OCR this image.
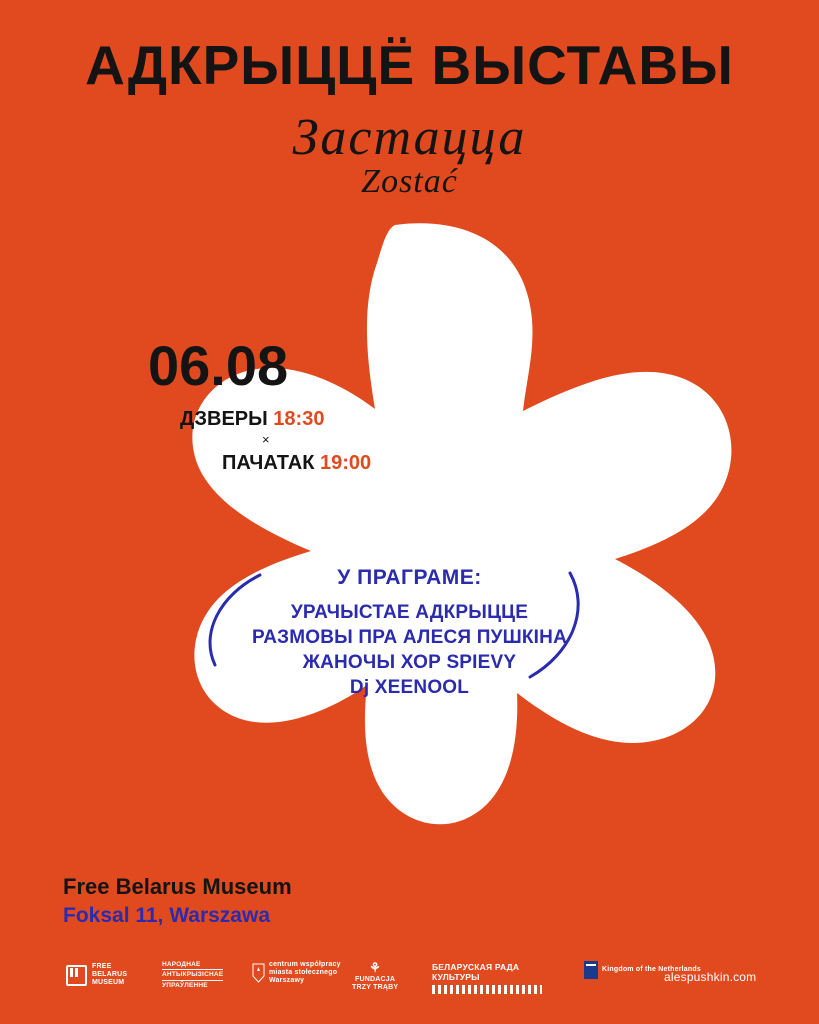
АДКРЫЦЦЁ ВЫСТАВЫ
Застацца
Zostać
06.08
ДЗВЕРЫ 18:30
×
ПАЧАТАК 19:00
У ПРАГРАМЕ:
УРАЧЫСТАЕ АДКРЫЦЦЕ
РАЗМОВЫ ПРА АЛЕСЯ ПУШКІНА
ЖАНОЧЫ ХОР SPIEVY
Dj XEENOOL
Free Belarus Museum
Foksal 11, Warszawa
FREE
BELARUS
MUSEUM
НАРОДНАЕ
АНТЫКРЫЗІСНАЕ
УПРАЎЛЕННЕ
centrum współpracy
miasta stołecznego
Warszawy
⚘
FUNDACJA
TRZY TRĄBY
БЕЛАРУСКАЯ РАДА
КУЛЬТУРЫ
Kingdom of the Netherlands
alespushkin.com
